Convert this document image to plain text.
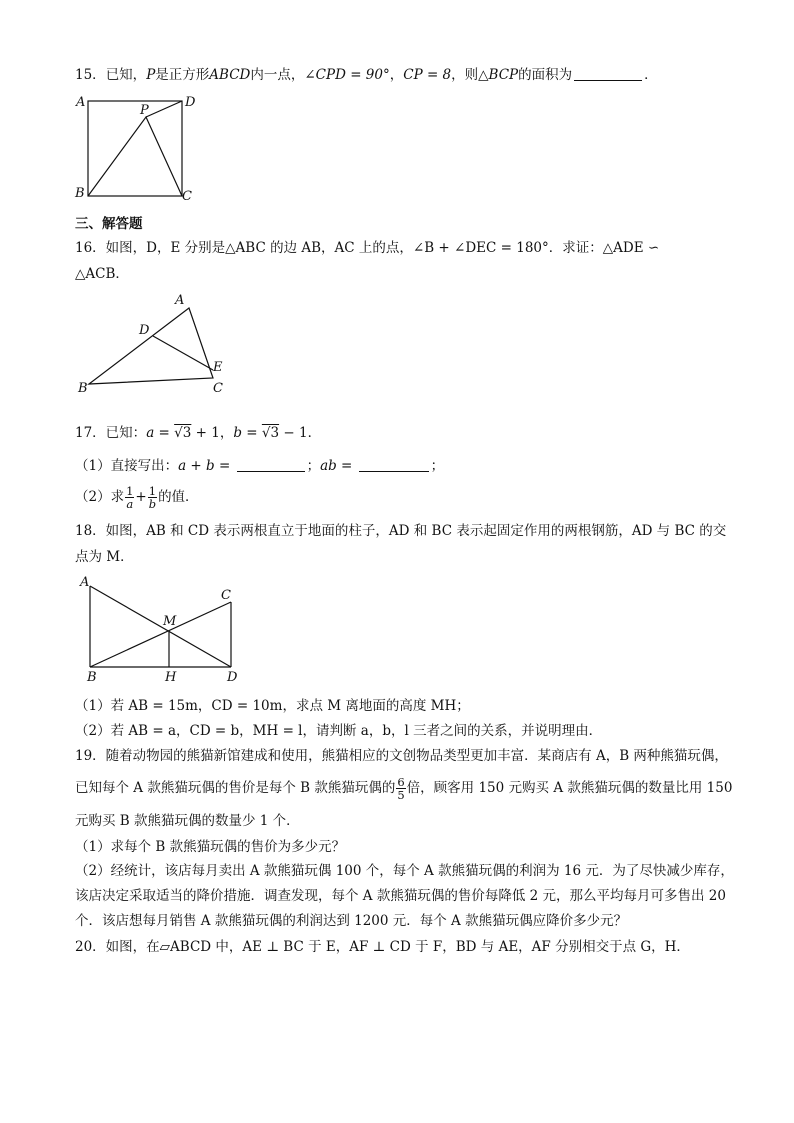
15．已知，P是正方形ABCD内一点，∠CPD = 90°，CP = 8，则△BCP的面积为	．
A
P
D
B	C
三、解答题
16．如图，D，E 分别是△ABC 的边 AB，AC 上的点，∠B + ∠DEC = 180°．求证：△ADE ∽
△ACB．
A
D
E
B	C
17．已知：a = √3 + 1，b = √3 − 1．
（1）直接写出：a + b =	；ab =	；
（2）求 $\frac{1}{a} + \frac{1}{b}$ 的值．
18．如图，AB 和 CD 表示两根直立于地面的柱子，AD 和 BC 表示起固定作用的两根钢筋，AD 与 BC 的交
点为 M．
A
C
M
B	H	D
（1）若 AB = 15m，CD = 10m，求点 M 离地面的高度 MH；
（2）若 AB = a，CD = b，MH = l，请判断 a，b，l 三者之间的关系，并说明理由．
19．随着动物园的熊猫新馆建成和使用，熊猫相应的文创物品类型更加丰富．某商店有 A，B 两种熊猫玩偶，
已知每个 A 款熊猫玩偶的售价是每个 B 款熊猫玩偶的 $\frac{6}{5}$ 倍，顾客用 150 元购买 A 款熊猫玩偶的数量比用 150
元购买 B 款熊猫玩偶的数量少 1 个．
（1）求每个 B 款熊猫玩偶的售价为多少元？
（2）经统计，该店每月卖出 A 款熊猫玩偶 100 个，每个 A 款熊猫玩偶的利润为 16 元．为了尽快减少库存，
该店决定采取适当的降价措施．调查发现，每个 A 款熊猫玩偶的售价每降低 2 元，那么平均每月可多售出 20
个．该店想每月销售 A 款熊猫玩偶的利润达到 1200 元．每个 A 款熊猫玩偶应降价多少元？
20．如图，在▱ABCD 中，AE ⊥ BC 于 E，AF ⊥ CD 于 F，BD 与 AE，AF 分别相交于点 G，H．
